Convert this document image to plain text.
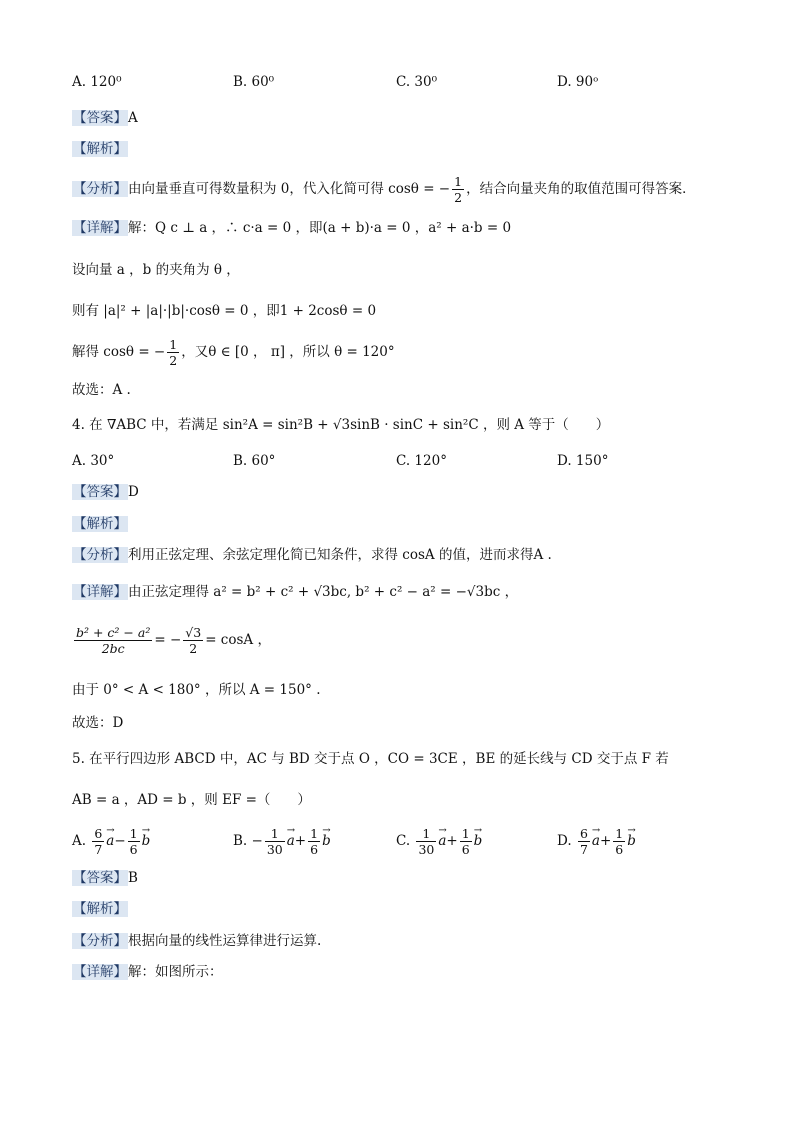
A. 120⁰	B. 60⁰	C. 30⁰	D. 90ᵒ
【答案】A
【解析】
【分析】由向量垂直可得数量积为 0，代入化简可得 cosθ = − $\frac{1}{2}$ ，结合向量夹角的取值范围可得答案．
【详解】解：Q c ⊥ a ，∴ c·a = 0 ，即(a + b)·a = 0 ，a² + a·b = 0
设向量 a ，b 的夹角为 θ ，
则有 |a|² + |a|·|b|·cosθ = 0 ，即1 + 2cosθ = 0
解得 cosθ = − $\frac{1}{2}$ ，又θ ∈ [0 ， π] ，所以 θ = 120°
故选：A .
4. 在 ∇ABC 中，若满足 sin²A = sin²B + √3sinB · sinC + sin²C ，则 A 等于（　　）
A. 30°	B. 60°	C. 120°	D. 150°
【答案】D
【解析】
【分析】利用正弦定理、余弦定理化简已知条件，求得 cosA 的值，进而求得A .
【详解】由正弦定理得 a² = b² + c² + √3bc, b² + c² − a² = −√3bc ，
$\frac{\text{b² + c² − a²}}{2bc}$ = − $\frac{√3}{2} = \cos A$ ，
由于 0° < A < 180° ，所以 A = 150° .
故选：D
5. 在平行四边形 ABCD 中，AC 与 BD 交于点 O ，CO = 3CE ，BE 的延长线与 CD 交于点 F 若
AB = a ，AD = b ，则 EF =（　　）
A. $\frac{6}{7}$
→ $a- \frac{1}{6}$
→ b	B. − $\frac{1}{30}$
→ $a+ \frac{1}{6}$
→ b	C. $\frac{1}{30}$
→ $a+ \frac{1}{6}$
→ b	D. $\frac{6}{7}$
→ $a+ \frac{1}{6}$
→ b
【答案】B
【解析】
【分析】根据向量的线性运算律进行运算.
【详解】解：如图所示：
